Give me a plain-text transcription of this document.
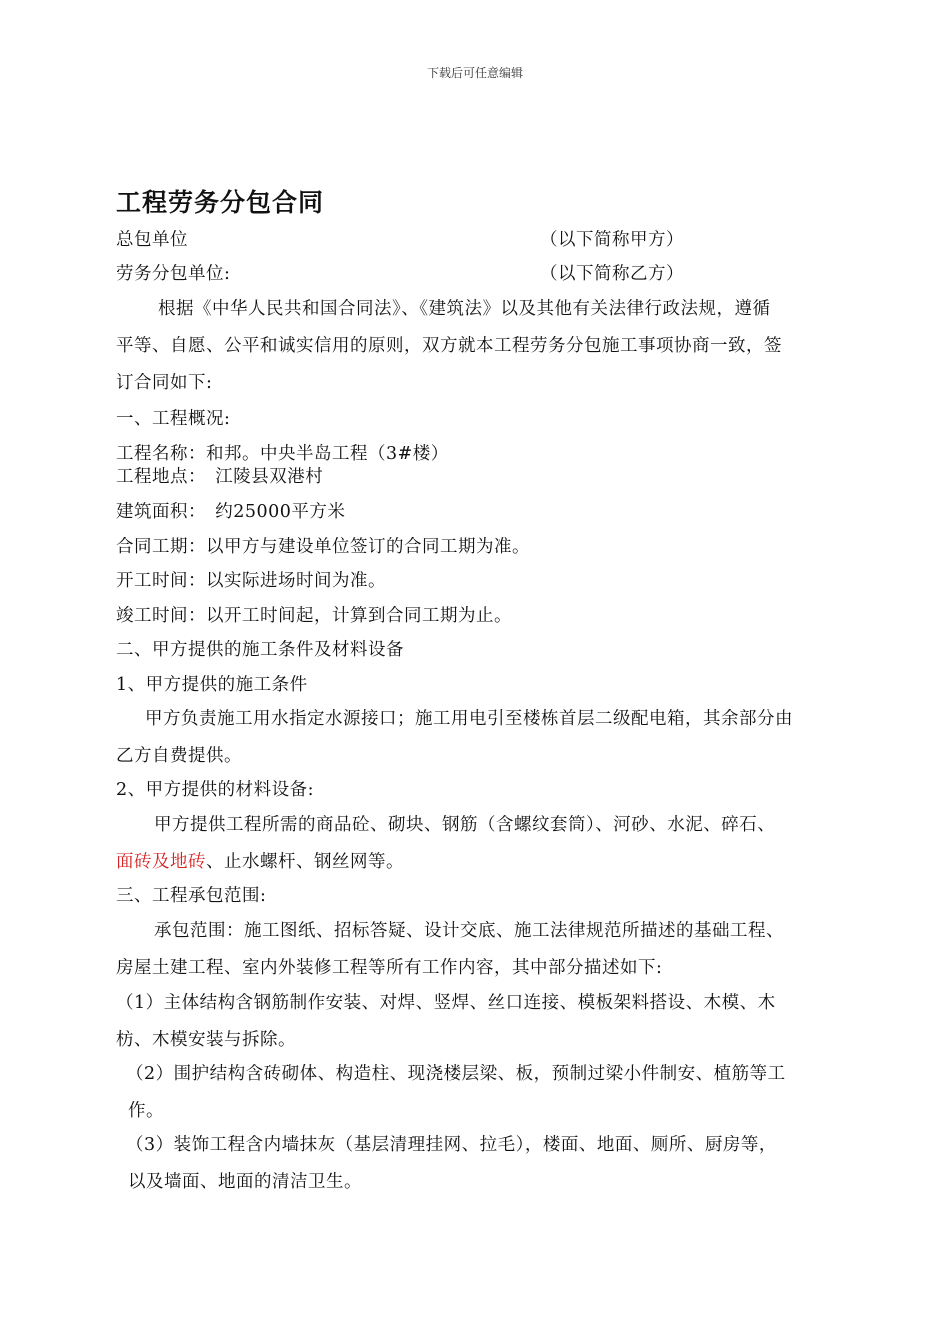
下载后可任意编辑
工程劳务分包合同
总包单位	（以下简称甲方）
劳务分包单位:	（以下简称乙方）
根据《中华人民共和国合同法》、《建筑法》以及其他有关法律行政法规，遵循
平等、自愿、公平和诚实信用的原则，双方就本工程劳务分包施工事项协商一致，签
订合同如下:
一、工程概况:
工程名称：和邦。中央半岛工程（3#楼）
工程地点：　江陵县双港村
建筑面积：　约25000平方米
合同工期：以甲方与建设单位签订的合同工期为准。
开工时间：以实际进场时间为准。
竣工时间：以开工时间起，计算到合同工期为止。
二、甲方提供的施工条件及材料设备
1、甲方提供的施工条件
甲方负责施工用水指定水源接口；施工用电引至楼栋首层二级配电箱，其余部分由
乙方自费提供。
2、甲方提供的材料设备:
甲方提供工程所需的商品砼、砌块、钢筋（含螺纹套筒）、河砂、水泥、碎石、
面砖及地砖、止水螺杆、钢丝网等。
三、工程承包范围:
承包范围：施工图纸、招标答疑、设计交底、施工法律规范所描述的基础工程、
房屋土建工程、室内外装修工程等所有工作内容，其中部分描述如下:
（1）主体结构含钢筋制作安装、对焊、竖焊、丝口连接、模板架料搭设、木模、木
枋、木模安装与拆除。
（2）围护结构含砖砌体、构造柱、现浇楼层梁、板，预制过梁小件制安、植筋等工
作。
（3）装饰工程含内墙抹灰（基层清理挂网、拉毛），楼面、地面、厕所、厨房等，
以及墙面、地面的清洁卫生。
